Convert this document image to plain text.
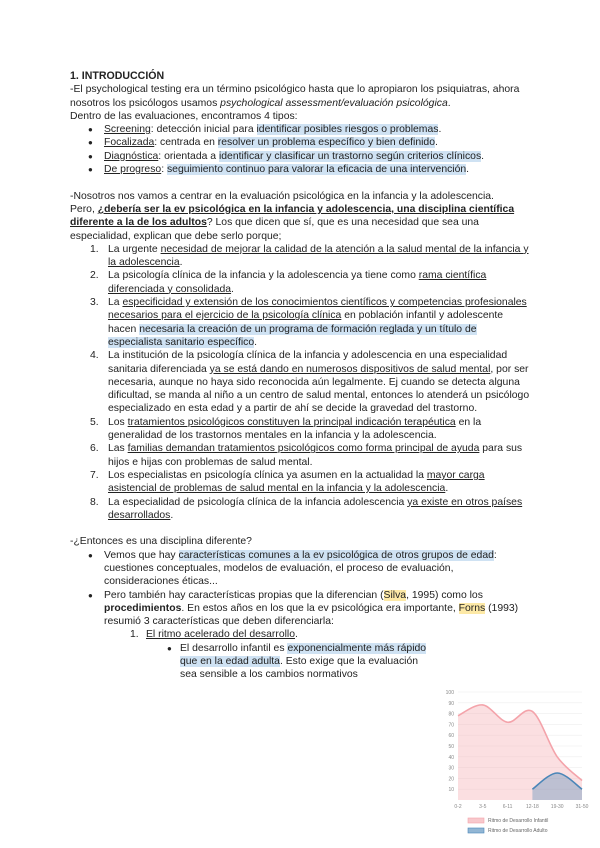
1. INTRODUCCIÓN

-El psychological testing era un término psicológico hasta que lo apropiaron los psiquiatras, ahora nosotros los psicólogos usamos psychological assessment/evaluación psicológica.

Dentro de las evaluaciones, encontramos 4 tipos:

● Screening: detección inicial para identificar posibles riesgos o problemas.
● Focalizada: centrada en resolver un problema específico y bien definido.
● Diagnóstica: orientada a identificar y clasificar un trastorno según criterios clínicos.
● De progreso: seguimiento continuo para valorar la eficacia de una intervención.

-Nosotros nos vamos a centrar en la evaluación psicológica en la infancia y la adolescencia.

Pero, ¿debería ser la ev psicológica en la infancia y adolescencia, una disciplina científica diferente a la de los adultos? Los que dicen que sí, que es una necesidad que sea una especialidad, explican que debe serlo porque;

1. La urgente necesidad de mejorar la calidad de la atención a la salud mental de la infancia y la adolescencia.
2. La psicología clínica de la infancia y la adolescencia ya tiene como rama científica diferenciada y consolidada.
3. La especificidad y extensión de los conocimientos científicos y competencias profesionales necesarios para el ejercicio de la psicología clínica en población infantil y adolescente hacen necesaria la creación de un programa de formación reglada y un título de especialista sanitario específico.
4. La institución de la psicología clínica de la infancia y adolescencia en una especialidad sanitaria diferenciada ya se está dando en numerosos dispositivos de salud mental, por ser necesaria, aunque no haya sido reconocida aún legalmente. Ej cuando se detecta alguna dificultad, se manda al niño a un centro de salud mental, entonces lo atenderá un psicólogo especializado en esta edad y a partir de ahí se decide la gravedad del trastorno.
5. Los tratamientos psicológicos constituyen la principal indicación terapéutica en la generalidad de los trastornos mentales en la infancia y la adolescencia.
6. Las familias demandan tratamientos psicológicos como forma principal de ayuda para sus hijos e hijas con problemas de salud mental.
7. Los especialistas en psicología clínica ya asumen en la actualidad la mayor carga asistencial de problemas de salud mental en la infancia y la adolescencia.
8. La especialidad de psicología clínica de la infancia adolescencia ya existe en otros países desarrollados.

-¿Entonces es una disciplina diferente?

● Vemos que hay características comunes a la ev psicológica de otros grupos de edad: cuestiones conceptuales, modelos de evaluación, el proceso de evaluación, consideraciones éticas...
● Pero también hay características propias que la diferencian (Silva, 1995) como los procedimientos. En estos años en los que la ev psicológica era importante, Forns (1993) resumió 3 características que deben diferenciarla:
1. El ritmo acelerado del desarrollo.
● El desarrollo infantil es exponencialmente más rápido que en la edad adulta. Esto exige que la evaluación sea sensible a los cambios normativos
100
90
80
70
60
50
40
30
20
10
0-2	3-5	6-11	12-18 19-30 31-50
Ritmo de Desarrollo Infantil
Ritmo de Desarrollo Adulto
